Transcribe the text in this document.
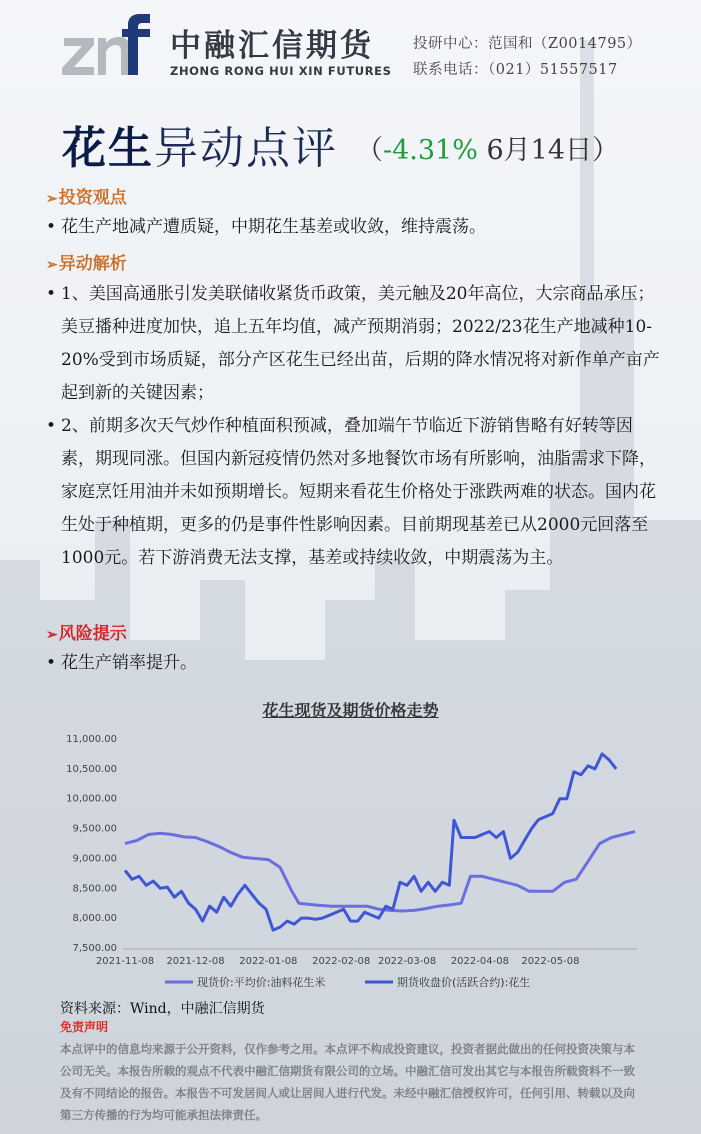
中融汇信期货
ZHONG RONG HUI XIN FUTURES
投研中心：范国和（Z0014795）
联系电话：（021）51557517
花生异动点评 （-4.31% 6月14日）
➢投资观点
• 花生产地减产遭质疑，中期花生基差或收敛，维持震荡。
➢异动解析
• 1、美国高通胀引发美联储收紧货币政策，美元触及20年高位，大宗商品承压；美豆播种进度加快，追上五年均值，减产预期消弱；2022/23花生产地减种10-20%受到市场质疑，部分产区花生已经出苗，后期的降水情况将对新作单产亩产起到新的关键因素；
• 2、前期多次天气炒作种植面积预减，叠加端午节临近下游销售略有好转等因素，期现同涨。但国内新冠疫情仍然对多地餐饮市场有所影响，油脂需求下降，家庭烹饪用油并未如预期增长。短期来看花生价格处于涨跌两难的状态。国内花生处于种植期，更多的仍是事件性影响因素。目前期现基差已从2000元回落至1000元。若下游消费无法支撑，基差或持续收敛，中期震荡为主。
➢风险提示
• 花生产销率提升。
花生现货及期货价格走势
11,000.00
10,500.00
10,000.00
9,500.00
9,000.00
8,500.00
8,000.00
7,500.00
2021-11-08 2021-12-08 2022-01-08 2022-02-08 2022-03-08 2022-04-08 2022-05-08
现货价:平均价:油料花生米	期货收盘价(活跃合约):花生
资料来源：Wind，中融汇信期货
免责声明
本点评中的信息均来源于公开资料，仅作参考之用。本点评不构成投资建议，投资者据此做出的任何投资决策与本公司无关。本报告所载的观点不代表中融汇信期货有限公司的立场。中融汇信可发出其它与本报告所载资料不一致及有不同结论的报告。本报告不可发居间人或让居间人进行代发。未经中融汇信授权许可，任何引用、转载以及向第三方传播的行为均可能承担法律责任。
